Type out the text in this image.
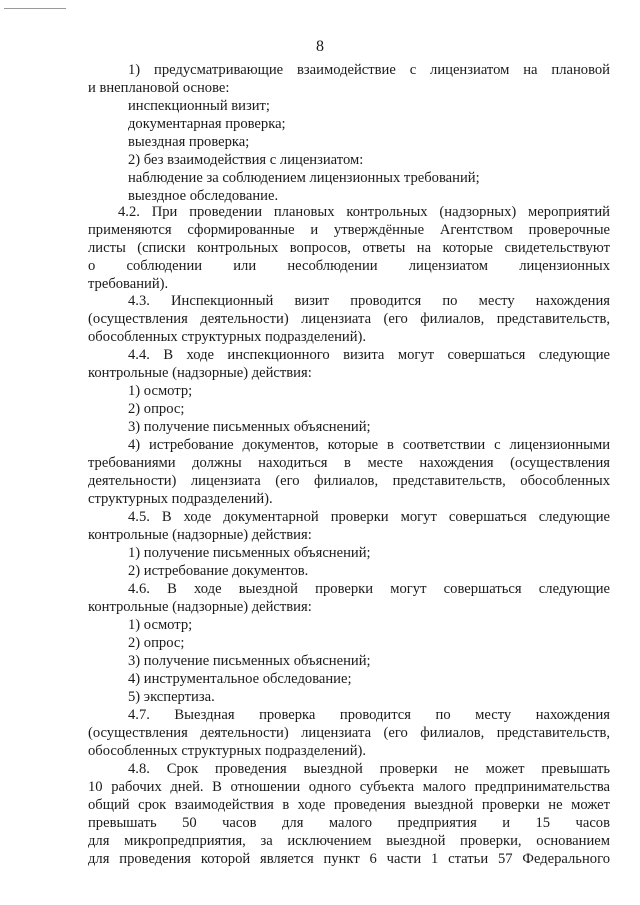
8
1) предусматривающие взаимодействие с лицензиатом на плановой
и внеплановой основе:
инспекционный визит;
документарная проверка;
выездная проверка;
2) без взаимодействия с лицензиатом:
наблюдение за соблюдением лицензионных требований;
выездное обследование.
4.2. При проведении плановых контрольных (надзорных) мероприятий
применяются сформированные и утверждённые Агентством проверочные
листы (списки контрольных вопросов, ответы на которые свидетельствуют
о соблюдении или несоблюдении лицензиатом лицензионных
требований).
4.3. Инспекционный визит проводится по месту нахождения
(осуществления деятельности) лицензиата (его филиалов, представительств,
обособленных структурных подразделений).
4.4. В ходе инспекционного визита могут совершаться следующие
контрольные (надзорные) действия:
1) осмотр;
2) опрос;
3) получение письменных объяснений;
4) истребование документов, которые в соответствии с лицензионными
требованиями должны находиться в месте нахождения (осуществления
деятельности) лицензиата (его филиалов, представительств, обособленных
структурных подразделений).
4.5. В ходе документарной проверки могут совершаться следующие
контрольные (надзорные) действия:
1) получение письменных объяснений;
2) истребование документов.
4.6. В ходе выездной проверки могут совершаться следующие
контрольные (надзорные) действия:
1) осмотр;
2) опрос;
3) получение письменных объяснений;
4) инструментальное обследование;
5) экспертиза.
4.7. Выездная проверка проводится по месту нахождения
(осуществления деятельности) лицензиата (его филиалов, представительств,
обособленных структурных подразделений).
4.8. Срок проведения выездной проверки не может превышать
10 рабочих дней. В отношении одного субъекта малого предпринимательства
общий срок взаимодействия в ходе проведения выездной проверки не может
превышать 50 часов для малого предприятия и 15 часов
для микропредприятия, за исключением выездной проверки, основанием
для проведения которой является пункт 6 части 1 статьи 57 Федерального
